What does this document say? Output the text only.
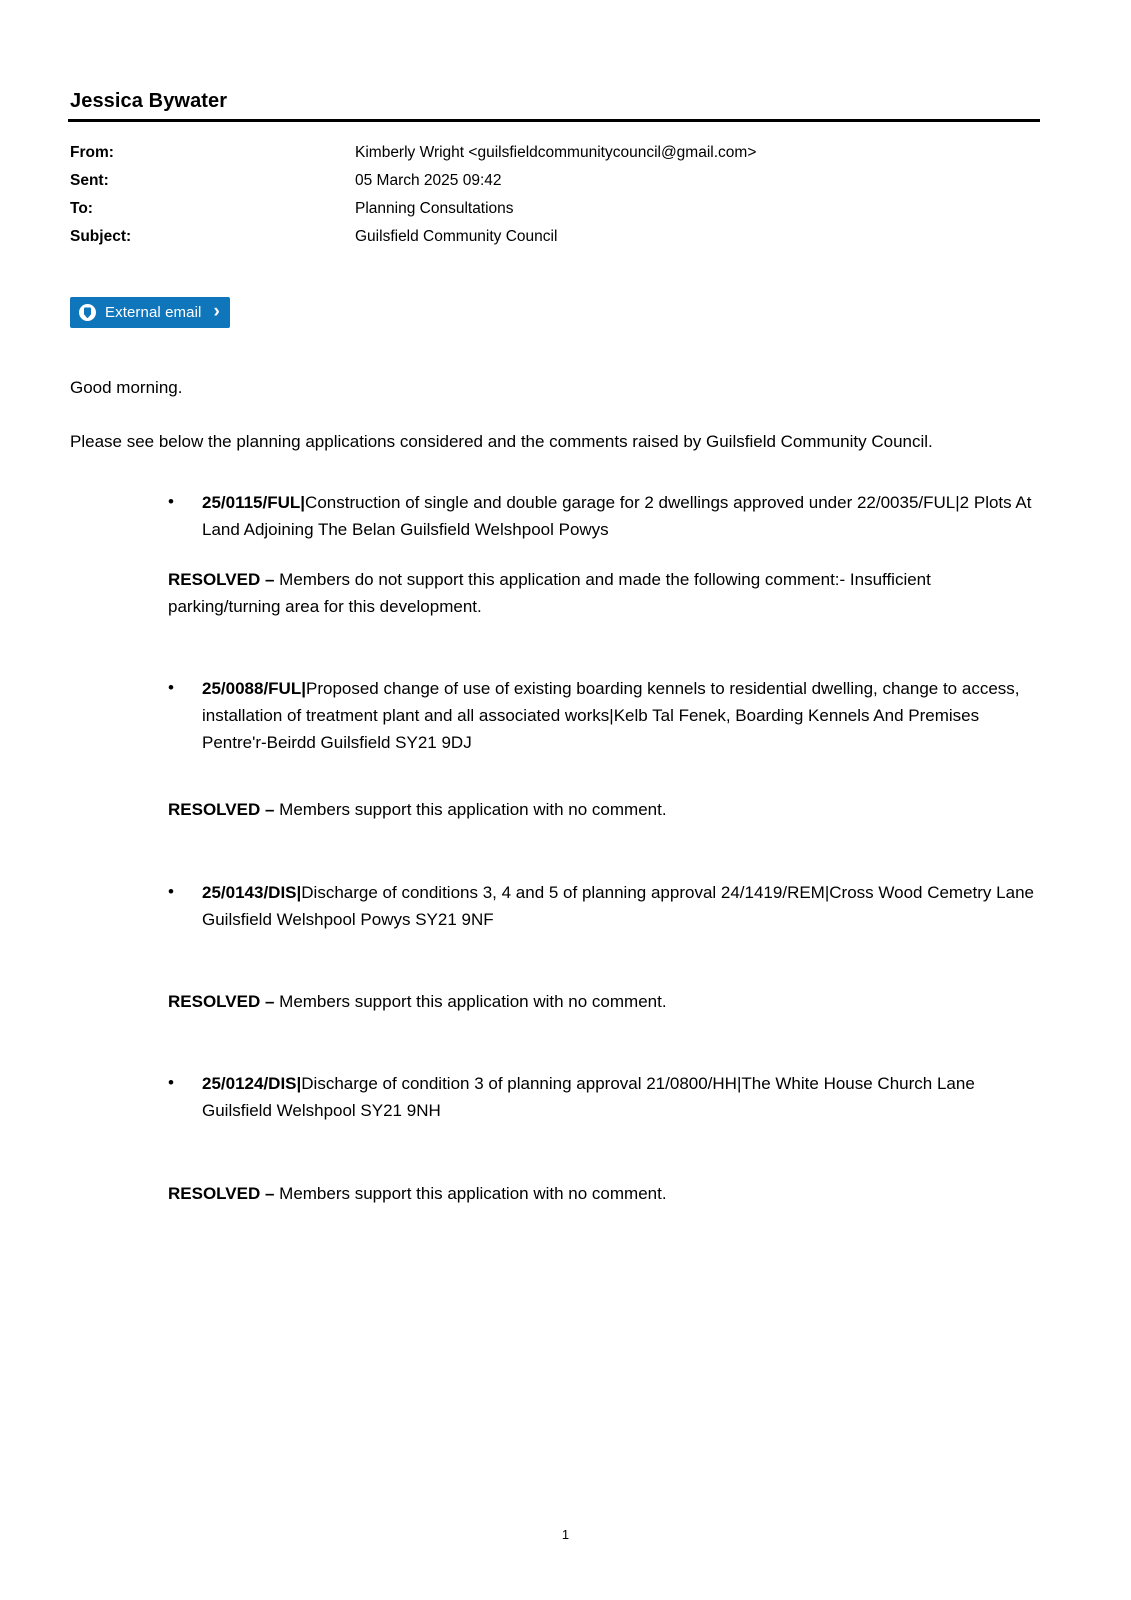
Jessica Bywater
From:	Kimberly Wright <guilsfieldcommunitycouncil@gmail.com>
Sent:	05 March 2025 09:42
To:	Planning Consultations
Subject:	Guilsfield Community Council
External email ›

Good morning.

Please see below the planning applications considered and the comments raised by Guilsfield Community Council.

•	25/0115/FUL|Construction of single and double garage for 2 dwellings approved under 22/0035/FUL|2 Plots At Land Adjoining The Belan Guilsfield Welshpool Powys
RESOLVED – Members do not support this application and made the following comment:- Insufficient parking/turning area for this development.
•	25/0088/FUL|Proposed change of use of existing boarding kennels to residential dwelling, change to access, installation of treatment plant and all associated works|Kelb Tal Fenek, Boarding Kennels And Premises Pentre'r-Beirdd Guilsfield SY21 9DJ
RESOLVED – Members support this application with no comment.
•	25/0143/DIS|Discharge of conditions 3, 4 and 5 of planning approval 24/1419/REM|Cross Wood Cemetry Lane Guilsfield Welshpool Powys SY21 9NF
RESOLVED – Members support this application with no comment.
•	25/0124/DIS|Discharge of condition 3 of planning approval 21/0800/HH|The White House Church Lane Guilsfield Welshpool SY21 9NH
RESOLVED – Members support this application with no comment.
1
